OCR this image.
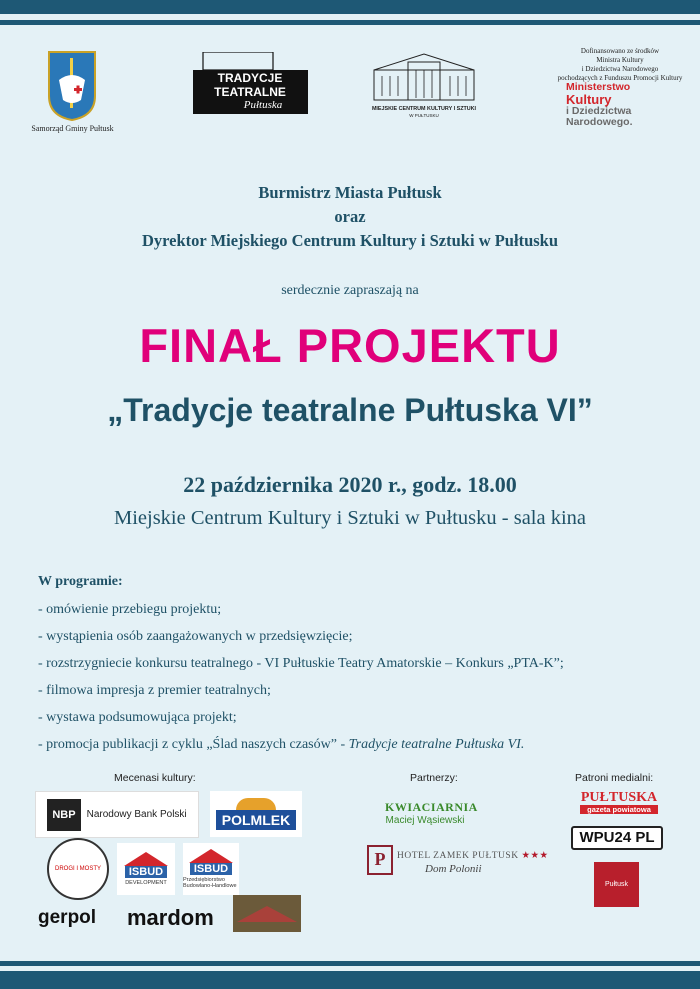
Samorząd Gminy Pułtusk
TRADYCJE
TEATRALNE
Pułtuska	MIEJSKIE CENTRUM KULTURY I SZTUKI
W PUŁTUSKU
Dofinansowano ze środków
Ministra Kultury
i Dziedzictwa Narodowego
pochodzących z Funduszu Promocji Kultury
Ministerstwo
Kultury
i Dziedzictwa
Narodowego.
Burmistrz Miasta Pułtusk
oraz
Dyrektor Miejskiego Centrum Kultury i Sztuki w Pułtusku
serdecznie zapraszają na
FINAŁ PROJEKTU
„Tradycje teatralne Pułtuska VI”
22 października 2020 r., godz. 18.00
Miejskie Centrum Kultury i Sztuki w Pułtusku - sala kina
W programie:
- omówienie przebiegu projektu;
- wystąpienia osób zaangażowanych w przedsięwzięcie;
- rozstrzygniecie konkursu teatralnego - VI Pułtuskie Teatry Amatorskie – Konkurs „PTA-K”;
- filmowa impresja z premier teatralnych;
- wystawa podsumowująca projekt;
- promocja publikacji z cyklu „Ślad naszych czasów” - Tradycje teatralne Pułtuska VI.
Mecenasi kultury:	Partnerzy:	Patroni medialni:
NBP	Narodowy Bank Polski	POLMLEK
DROGI I MOSTY	ISBUD
DEVELOPMENT
ISBUD
Przedsiębiorstwo Budowlano-Handlowe
gerpol mardom
KWIACIARNIA
Maciej Wąsiewski
P	HOTEL ZAMEK PUŁTUSK ★★★
Dom Polonii
PUŁTUSKA
gazeta powiatowa
WPU24 PL
Pułtusk
